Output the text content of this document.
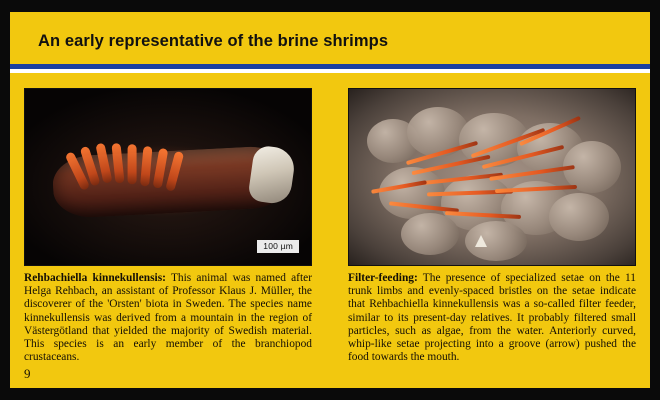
An early representative of the brine shrimps
100 µm
Rehbachiella kinnekullensis: This animal was named after Helga Rehbach, an assistant of Professor Klaus J. Müller, the discoverer of the 'Orsten' biota in Sweden. The species name kinnekullensis was derived from a mountain in the region of Västergötland that yielded the majority of Swedish material. This species is an early member of the branchiopod crustaceans.
Filter-feeding: The presence of specialized setae on the 11 trunk limbs and evenly-spaced bristles on the setae indicate that Rehbachiella kinnekullensis was a so-called filter feeder, similar to its present-day relatives. It probably filtered small particles, such as algae, from the water. Anteriorly curved, whip-like setae projecting into a groove (arrow) pushed the food towards the mouth.
9
